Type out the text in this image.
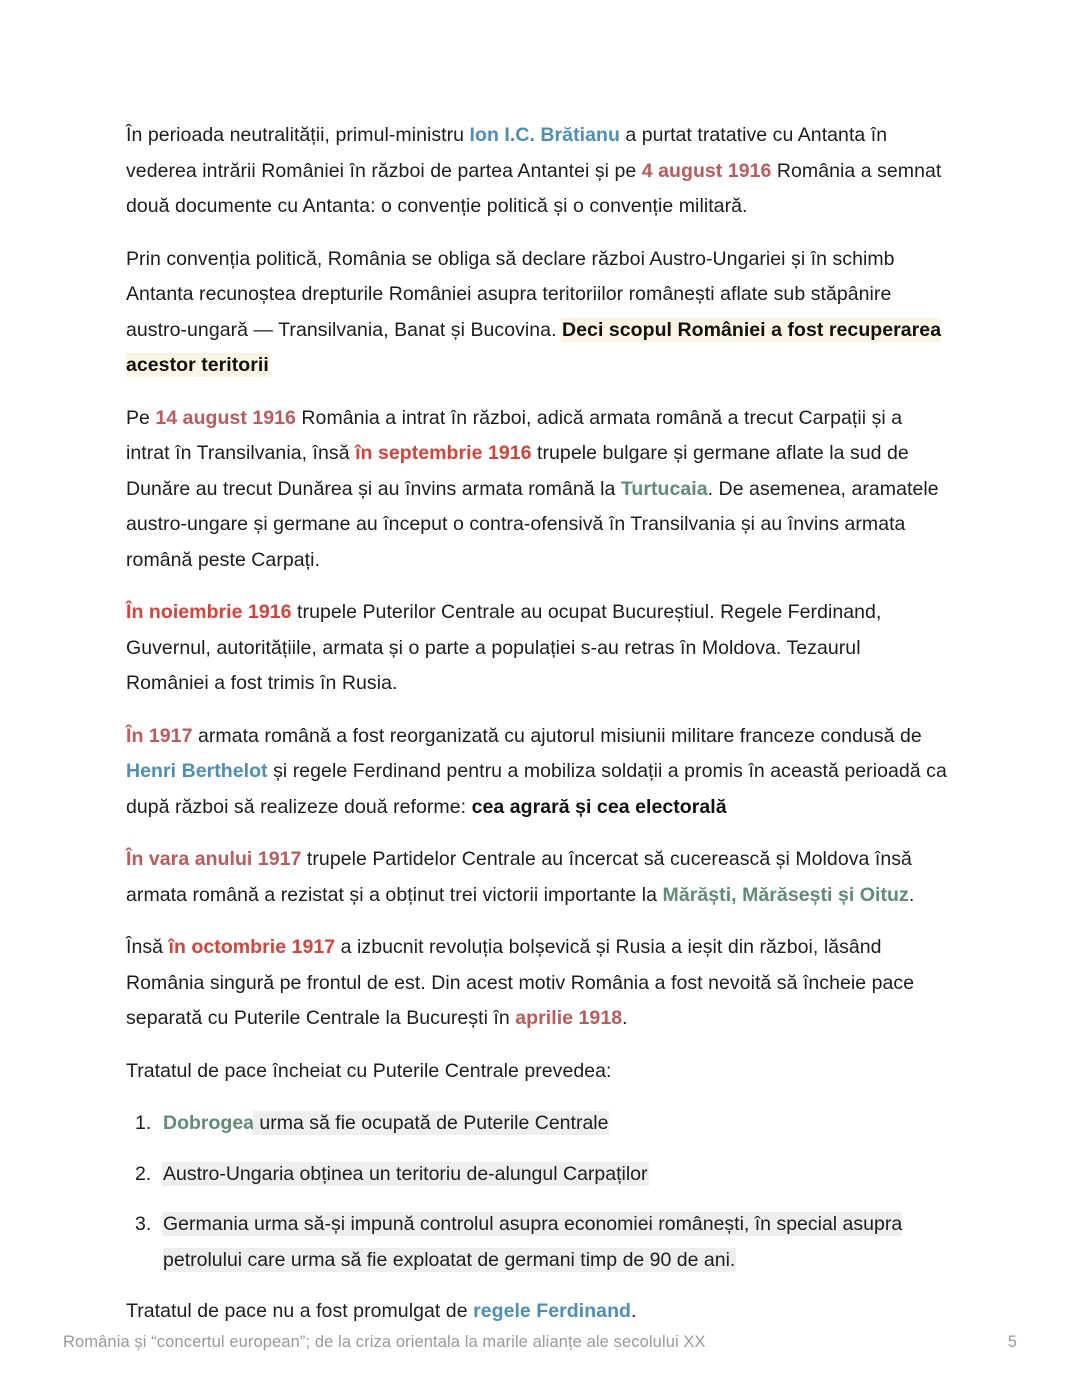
În perioada neutralității, primul-ministru Ion I.C. Brătianu a purtat tratative cu Antanta în vederea intrării României în război de partea Antantei și pe 4 august 1916 România a semnat două documente cu Antanta: o convenție politică și o convenție militară.

Prin convenția politică, România se obliga să declare război Austro-Ungariei și în schimb Antanta recunoștea drepturile României asupra teritoriilor românești aflate sub stăpânire austro-ungară — Transilvania, Banat și Bucovina. Deci scopul României a fost recuperarea acestor teritorii

Pe 14 august 1916 România a intrat în război, adică armata română a trecut Carpații și a intrat în Transilvania, însă în septembrie 1916 trupele bulgare și germane aflate la sud de Dunăre au trecut Dunărea și au învins armata română la Turtucaia. De asemenea, aramatele austro-ungare și germane au început o contra-ofensivă în Transilvania și au învins armata română peste Carpați.

În noiembrie 1916 trupele Puterilor Centrale au ocupat Bucureștiul. Regele Ferdinand, Guvernul, autoritățiile, armata și o parte a populației s-au retras în Moldova. Tezaurul României a fost trimis în Rusia.

În 1917 armata română a fost reorganizată cu ajutorul misiunii militare franceze condusă de Henri Berthelot și regele Ferdinand pentru a mobiliza soldații a promis în această perioadă ca după război să realizeze două reforme: cea agrară și cea electorală

În vara anului 1917 trupele Partidelor Centrale au încercat să cucerească și Moldova însă armata română a rezistat și a obținut trei victorii importante la Mărăști, Mărăsești și Oituz.

Însă în octombrie 1917 a izbucnit revoluția bolșevică și Rusia a ieșit din război, lăsând România singură pe frontul de est. Din acest motiv România a fost nevoită să încheie pace separată cu Puterile Centrale la București în aprilie 1918.

Tratatul de pace încheiat cu Puterile Centrale prevedea:

Dobrogea urma să fie ocupată de Puterile Centrale
Austro-Ungaria obținea un teritoriu de-alungul Carpaților
Germania urma să-și impună controlul asupra economiei românești, în special asupra petrolului care urma să fie exploatat de germani timp de 90 de ani.

Tratatul de pace nu a fost promulgat de regele Ferdinand.

România și “concertul european”; de la criza orientala la marile alianțe ale secolului XX	5
